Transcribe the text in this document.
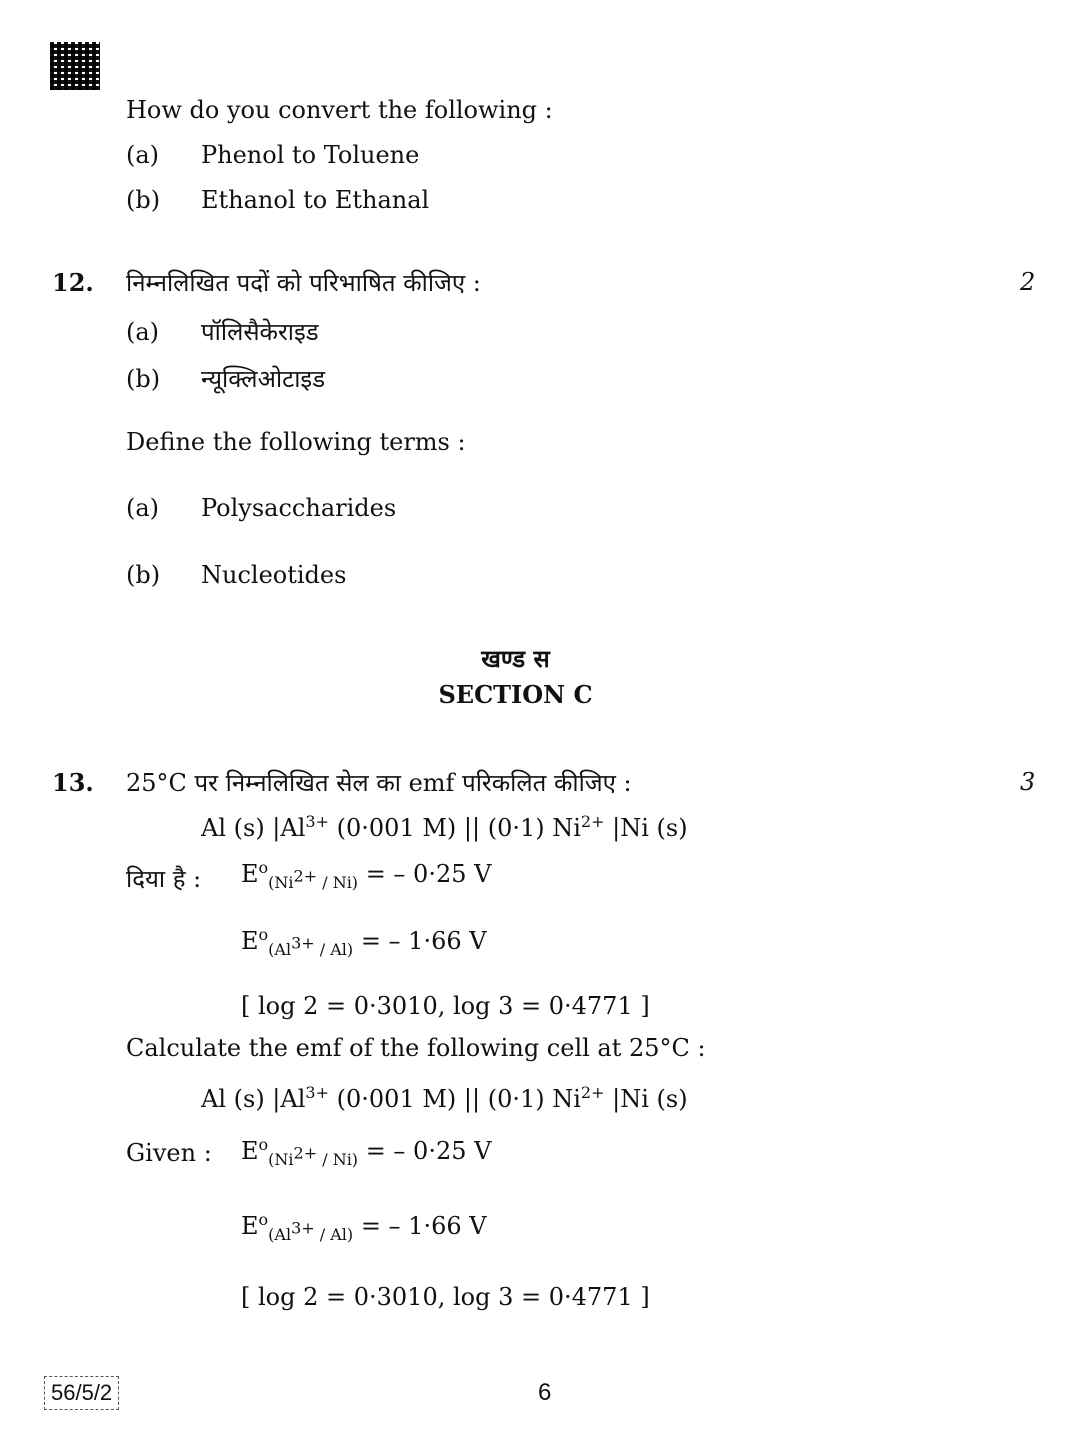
How do you convert the following :
(a) Phenol to Toluene
(b) Ethanol to Ethanal
12. निम्नलिखित पदों को परिभाषित कीजिए :	2
(a) पॉलिसैकेराइड
(b) न्यूक्लिओटाइड
Define the following terms :
(a) Polysaccharides
(b) Nucleotides
खण्ड स
SECTION C
13. 25°C पर निम्नलिखित सेल का emf परिकलित कीजिए :	3
Al (s) $|Al^{3+}$ (0·001 M) || (0·1) $Ni^{2+}$ |Ni (s)
दिया है : $E^o_{(Ni^{2+} / Ni)}$ = – 0·25 V
$E^o_{(Al^{3+} / Al)}$ = – 1·66 V
[ log 2 = 0·3010, log 3 = 0·4771 ]
Calculate the emf of the following cell at 25°C :
Al (s) $|Al^{3+}$ (0·001 M) || (0·1) $Ni^{2+}$ |Ni (s)
Given : $E^o_{(Ni^{2+} / Ni)}$ = – 0·25 V
$E^o_{(Al^{3+} / Al)}$ = – 1·66 V
[ log 2 = 0·3010, log 3 = 0·4771 ]
56/5/2	6
